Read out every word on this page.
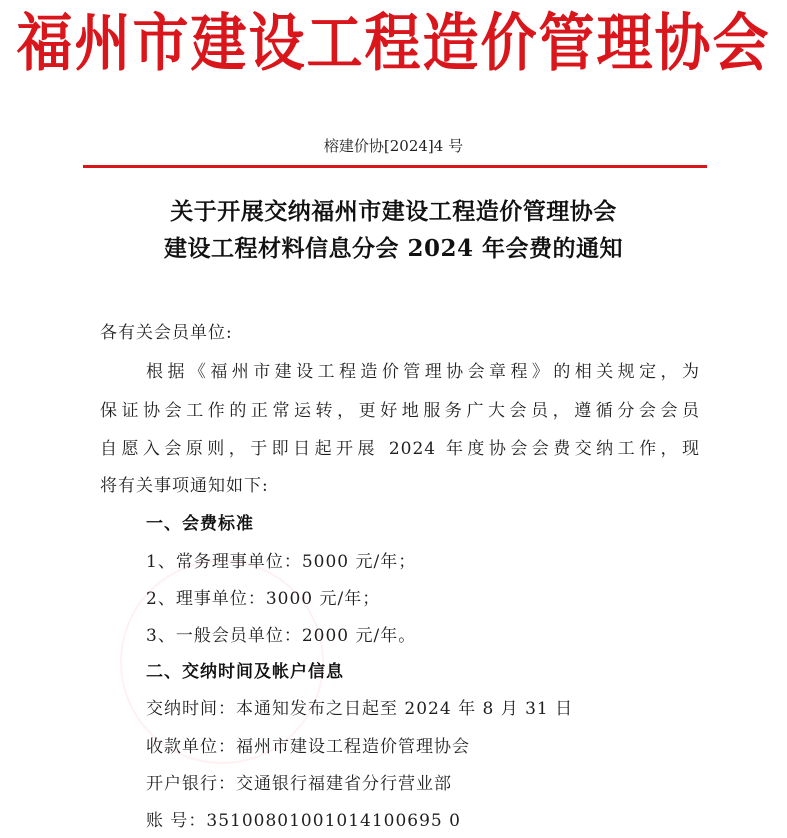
福州市建设工程造价管理协会
榕建价协[2024]4 号
关于开展交纳福州市建设工程造价管理协会
建设工程材料信息分会 2024 年会费的通知
各有关会员单位:
根据《福州市建设工程造价管理协会章程》的相关规定，为
保证协会工作的正常运转，更好地服务广大会员，遵循分会会员
自愿入会原则，于即日起开展 2024 年度协会会费交纳工作，现
将有关事项通知如下:
一、会费标准
1、常务理事单位：5000 元/年；
2、理事单位：3000 元/年；
3、一般会员单位：2000 元/年。
二、交纳时间及帐户信息
交纳时间：本通知发布之日起至 2024 年 8 月 31 日
收款单位：福州市建设工程造价管理协会
开户银行：交通银行福建省分行营业部
账 号：35100801001014100695 0
